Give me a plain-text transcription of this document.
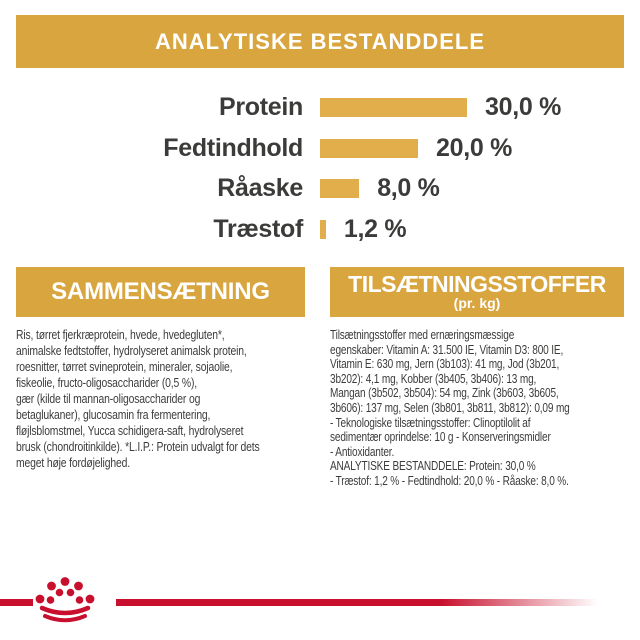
ANALYTISKE BESTANDDELE
Protein	30,0 %
Fedtindhold	20,0 %
Råaske	8,0 %
Træstof 1,2 %
SAMMENSÆTNING	TILSÆTNINGSSTOFFER
(pr. kg)
Ris, tørret fjerkræprotein, hvede, hvedegluten*,
animalske fedtstoffer, hydrolyseret animalsk protein,
roesnitter, tørret svineprotein, mineraler, sojaolie,
fiskeolie, fructo-oligosaccharider (0,5 %),
gær (kilde til mannan-oligosaccharider og
betaglukaner), glucosamin fra fermentering,
fløjlsblomstmel, Yucca schidigera-saft, hydrolyseret
brusk (chondroitinkilde). *L.I.P.: Protein udvalgt for dets
meget høje fordøjelighed.
Tilsætningsstoffer med ernæringsmæssige
egenskaber: Vitamin A: 31.500 IE, Vitamin D3: 800 IE,
Vitamin E: 630 mg, Jern (3b103): 41 mg, Jod (3b201,
3b202): 4,1 mg, Kobber (3b405, 3b406): 13 mg,
Mangan (3b502, 3b504): 54 mg, Zink (3b603, 3b605,
3b606): 137 mg, Selen (3b801, 3b811, 3b812): 0,09 mg
- Teknologiske tilsætningsstoffer: Clinoptilolit af
sedimentær oprindelse: 10 g - Konserveringsmidler
- Antioxidanter.
ANALYTISKE BESTANDDELE: Protein: 30,0 %
- Træstof: 1,2 % - Fedtindhold: 20,0 % - Råaske: 8,0 %.
